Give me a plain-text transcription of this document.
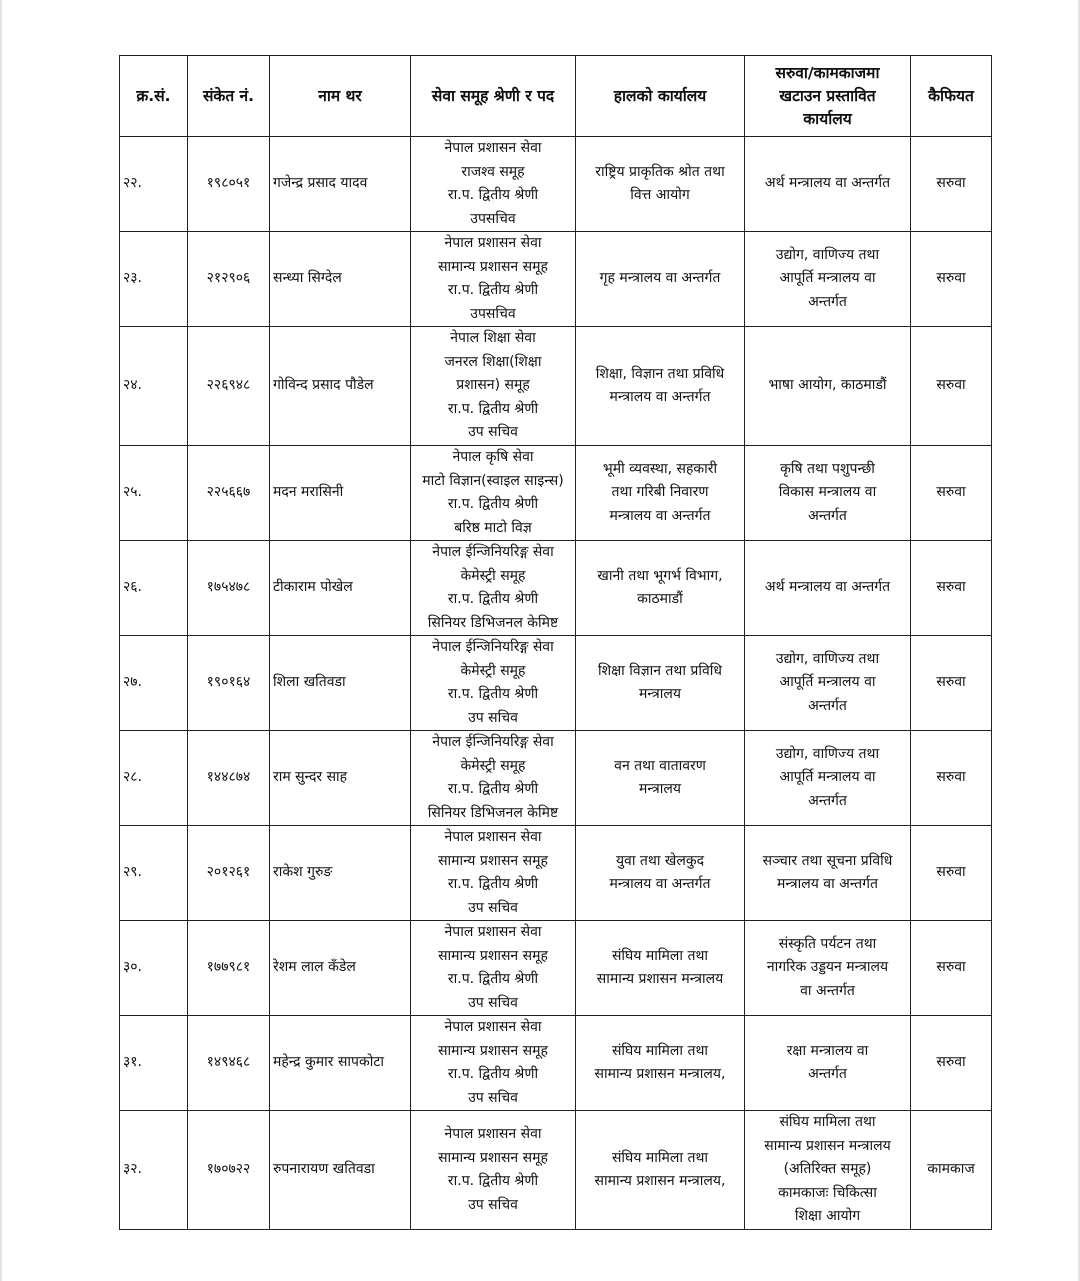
क्र.सं.	संकेत नं.	नाम थर	सेवा समूह श्रेणी र पद	हालको कार्यालय	सरुवा/कामकाजमा
खटाउन प्रस्तावित
कार्यालय	कैफियत
२२.	१९८०५१	गजेन्द्र प्रसाद यादव	नेपाल प्रशासन सेवा
राजश्व समूह
रा.प. द्वितीय श्रेणी
उपसचिव	राष्ट्रिय प्राकृतिक श्रोत तथा
वित्त आयोग	अर्थ मन्त्रालय वा अन्तर्गत	सरुवा
२३.	२१२९०६	सन्ध्या सिग्देल	नेपाल प्रशासन सेवा
सामान्य प्रशासन समूह
रा.प. द्वितीय श्रेणी
उपसचिव	गृह मन्त्रालय वा अन्तर्गत	उद्योग, वाणिज्य तथा
आपूर्ति मन्त्रालय वा
अन्तर्गत	सरुवा
२४.	२२६९४८	गोविन्द प्रसाद पौडेल	नेपाल शिक्षा सेवा
जनरल शिक्षा(शिक्षा
प्रशासन) समूह
रा.प. द्वितीय श्रेणी
उप सचिव	शिक्षा, विज्ञान तथा प्रविधि
मन्त्रालय वा अन्तर्गत	भाषा आयोग, काठमाडौं	सरुवा
२५.	२२५६६७	मदन मरासिनी	नेपाल कृषि सेवा
माटो विज्ञान(स्वाइल साइन्स)
रा.प. द्वितीय श्रेणी
बरिष्ठ माटो विज्ञ	भूमी व्यवस्था, सहकारी
तथा गरिबी निवारण
मन्त्रालय वा अन्तर्गत	कृषि तथा पशुपन्छी
विकास मन्त्रालय वा
अन्तर्गत	सरुवा
२६.	१७५४७८	टीकाराम पोखेल	नेपाल ईन्जिनियरिङ्ग सेवा
केमेस्ट्री समूह
रा.प. द्वितीय श्रेणी
सिनियर डिभिजनल केमिष्ट	खानी तथा भूगर्भ विभाग,
काठमाडौं	अर्थ मन्त्रालय वा अन्तर्गत	सरुवा
२७.	१९०१६४	शिला खतिवडा	नेपाल ईन्जिनियरिङ्ग सेवा
केमेस्ट्री समूह
रा.प. द्वितीय श्रेणी
उप सचिव	शिक्षा विज्ञान तथा प्रविधि
मन्त्रालय	उद्योग, वाणिज्य तथा
आपूर्ति मन्त्रालय वा
अन्तर्गत	सरुवा
२८.	१४४८७४	राम सुन्दर साह	नेपाल ईन्जिनियरिङ्ग सेवा
केमेस्ट्री समूह
रा.प. द्वितीय श्रेणी
सिनियर डिभिजनल केमिष्ट	वन तथा वातावरण
मन्त्रालय	उद्योग, वाणिज्य तथा
आपूर्ति मन्त्रालय वा
अन्तर्गत	सरुवा
२९.	२०१२६१	राकेश गुरुङ	नेपाल प्रशासन सेवा
सामान्य प्रशासन समूह
रा.प. द्वितीय श्रेणी
उप सचिव	युवा तथा खेलकुद
मन्त्रालय वा अन्तर्गत	सञ्चार तथा सूचना प्रविधि
मन्त्रालय वा अन्तर्गत	सरुवा
३०.	१७७९८१	रेशम लाल कँडेल	नेपाल प्रशासन सेवा
सामान्य प्रशासन समूह
रा.प. द्वितीय श्रेणी
उप सचिव	संघिय मामिला तथा
सामान्य प्रशासन मन्त्रालय	संस्कृति पर्यटन तथा
नागरिक उड्डयन मन्त्रालय
वा अन्तर्गत	सरुवा
३१.	१४९४६८	महेन्द्र कुमार सापकोटा	नेपाल प्रशासन सेवा
सामान्य प्रशासन समूह
रा.प. द्वितीय श्रेणी
उप सचिव	संघिय मामिला तथा
सामान्य प्रशासन मन्त्रालय,	रक्षा मन्त्रालय वा
अन्तर्गत	सरुवा
३२.	१७०७२२	रुपनारायण खतिवडा	नेपाल प्रशासन सेवा
सामान्य प्रशासन समूह
रा.प. द्वितीय श्रेणी
उप सचिव	संघिय मामिला तथा
सामान्य प्रशासन मन्त्रालय,	संघिय मामिला तथा
सामान्य प्रशासन मन्त्रालय
(अतिरिक्त समूह)
कामकाजः चिकित्सा
शिक्षा आयोग	कामकाज
